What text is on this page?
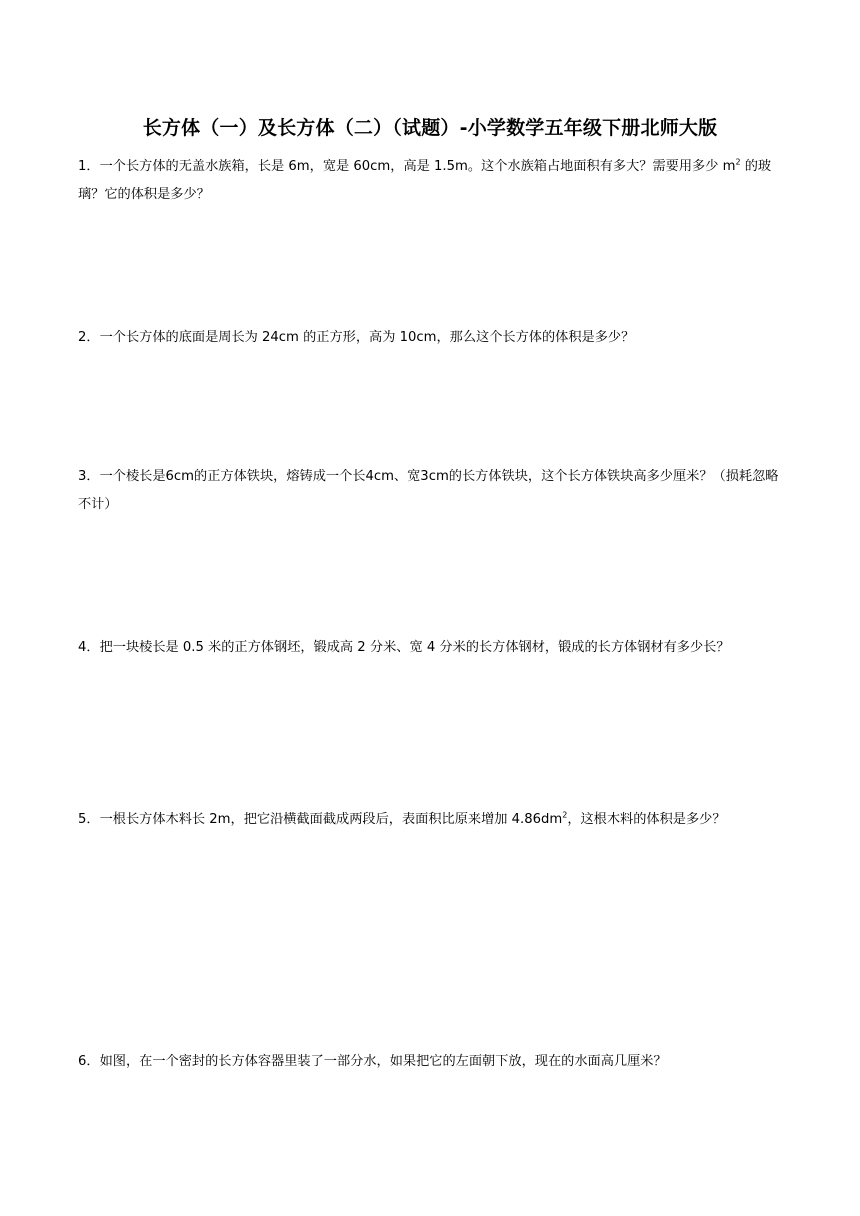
长方体（一）及长方体（二）（试题）-小学数学五年级下册北师大版
1．一个长方体的无盖水族箱，长是 6m，宽是 60cm，高是 1.5m。这个水族箱占地面积有多大？需要用多少 $m^2$ 的玻璃？它的体积是多少？
2．一个长方体的底面是周长为 24cm 的正方形，高为 10cm，那么这个长方体的体积是多少？
3．一个棱长是6cm的正方体铁块，熔铸成一个长4cm、宽3cm的长方体铁块，这个长方体铁块高多少厘米？（损耗忽略不计）
4．把一块棱长是 0.5 米的正方体钢坯，锻成高 2 分米、宽 4 分米的长方体钢材，锻成的长方体钢材有多少长？
5．一根长方体木料长 2m，把它沿横截面截成两段后，表面积比原来增加 $4.86dm^2$，这根木料的体积是多少？
6．如图，在一个密封的长方体容器里装了一部分水，如果把它的左面朝下放，现在的水面高几厘米？
